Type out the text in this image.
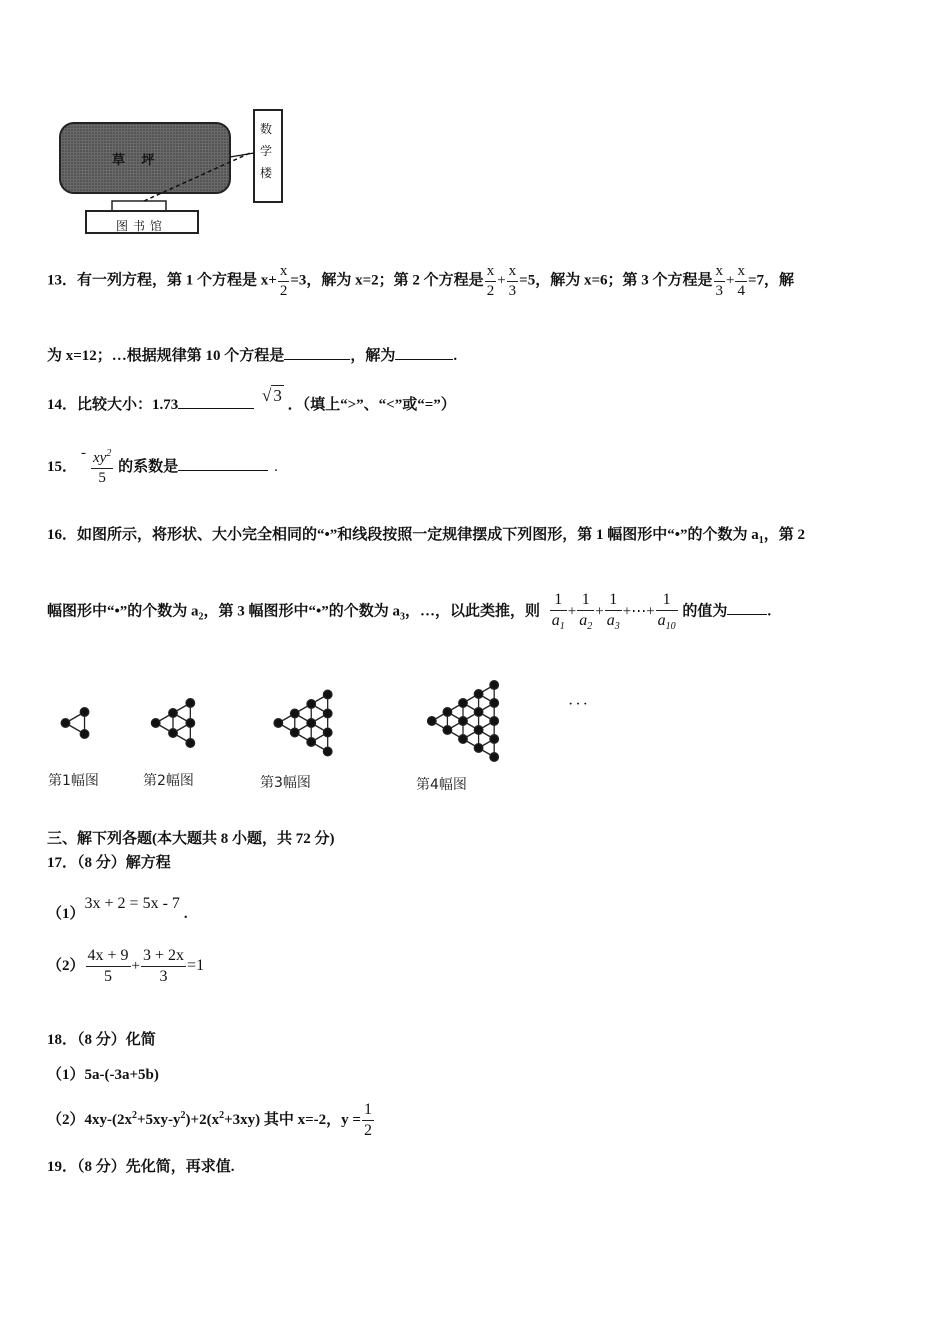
草 坪
数学楼
图书馆
13．有一列方程，第 1 个方程是 $x+ \frac{x}{2} =3$，解为 x=2；第 2 个方程是 $\frac{x}{2} + \frac{x}{3} =5$，解为 x=6；第 3 个方程是 $\frac{x}{3} + \frac{x}{4} =7$，解
为 x=12；…根据规律第 10 个方程是	，解为	.
14．比较大小：1.73	√ 3 ．（填上“>”、“<”或“=”）
15．- $\frac{xy^2}{5}$ 的系数是	.
16．如图所示，将形状、大小完全相同的“•”和线段按照一定规律摆成下列图形，第 1 幅图形中“•”的个数为 $a_1$，第 2
幅图形中“•”的个数为 $a_2$，第 3 幅图形中“•”的个数为 $a_3$，…，以此类推，则 $\frac{1}{a_1} + \frac{1}{a_2} + \frac{1}{a_3}$ +⋯+ $\frac{1}{a_{10}}$ 的值为	.
第1幅图	第2幅图	第3幅图	第4幅图
···
三、解下列各题(本大题共 8 小题，共 72 分)
17．（8 分）解方程
（1）3x + 2 = 5x - 7.
$(2) \frac{4x + 9}{5} + \frac{3 + 2x}{3} =1$
18．（8 分）化简
（1）5a-(-3a+5b)
$(2)4xy-(2x^2+5xy-y^2)+2(x^2+3xy)$ 其中 x=-2，$y = \frac{1}{2}$
19．（8 分）先化简，再求值.
